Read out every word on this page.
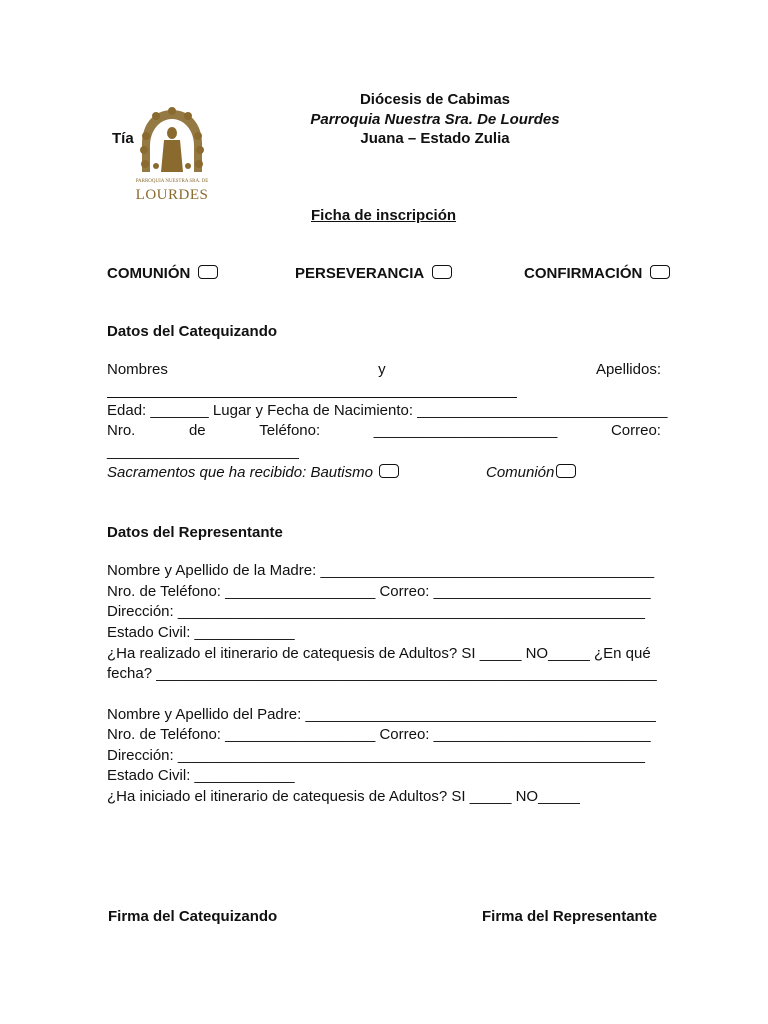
Tía
PARROQUIA NUESTRA SRA. DE
LOURDES
Diócesis de Cabimas
Parroquia Nuestra Sra. De Lourdes
Juana – Estado Zulia
Ficha de inscripción
COMUNIÓN	PERSEVERANCIA	CONFIRMACIÓN
Datos del Catequizando
Nombres	y	Apellidos:
Edad: _______ Lugar y Fecha de Nacimiento: ______________________________
Nro.	de	Teléfono:	______________________	Correo:
_______________________
Sacramentos que ha recibido: Bautismo	Comunión
Datos del Representante
Nombre y Apellido de la Madre: ________________________________________
Nro. de Teléfono: __________________ Correo: __________________________
Dirección: ________________________________________________________
Estado Civil: ____________
¿Ha realizado el itinerario de catequesis de Adultos? SI _____ NO_____ ¿En qué
fecha? ____________________________________________________________
Nombre y Apellido del Padre: __________________________________________
Nro. de Teléfono: __________________ Correo: __________________________
Dirección: ________________________________________________________
Estado Civil: ____________
¿Ha iniciado el itinerario de catequesis de Adultos? SI _____ NO_____
Firma del Catequizando	Firma del Representante
